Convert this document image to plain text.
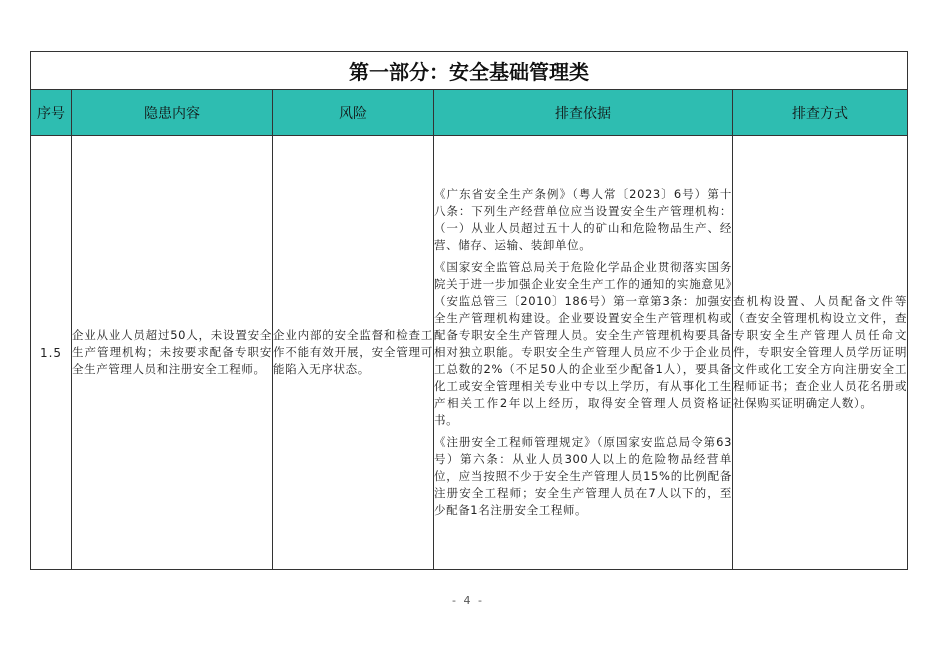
第一部分：安全基础管理类				
序号	隐患内容	风险	排查依据	排查方式
1.5	企业从业人员超过50人，未设置安全生产管理机构；未按要求配备专职安全生产管理人员和注册安全工程师。	企业内部的安全监督和检查工作不能有效开展，安全管理可能陷入无序状态。	《广东省安全生产条例》（粤人常〔2023〕6号）第十八条：下列生产经营单位应当设置安全生产管理机构：（一）从业人员超过五十人的矿山和危险物品生产、经营、储存、运输、装卸单位。

《国家安全监管总局关于危险化学品企业贯彻落实国务院关于进一步加强企业安全生产工作的通知的实施意见》（安监总管三〔2010〕186号）第一章第3条：加强安全生产管理机构建设。企业要设置安全生产管理机构或配备专职安全生产管理人员。安全生产管理机构要具备相对独立职能。专职安全生产管理人员应不少于企业员工总数的2%（不足50人的企业至少配备1人），要具备化工或安全管理相关专业中专以上学历，有从事化工生产相关工作2年以上经历，取得安全管理人员资格证书。

《注册安全工程师管理规定》（原国家安监总局令第63号）第六条：从业人员300人以上的危险物品经营单位，应当按照不少于安全生产管理人员15%的比例配备注册安全工程师；安全生产管理人员在7人以下的，至少配备1名注册安全工程师。	查机构设置、人员配备文件等（查安全管理机构设立文件，查专职安全生产管理人员任命文件，专职安全管理人员学历证明文件或化工安全方向注册安全工程师证书；查企业人员花名册或社保购买证明确定人数）。
- 4 -
